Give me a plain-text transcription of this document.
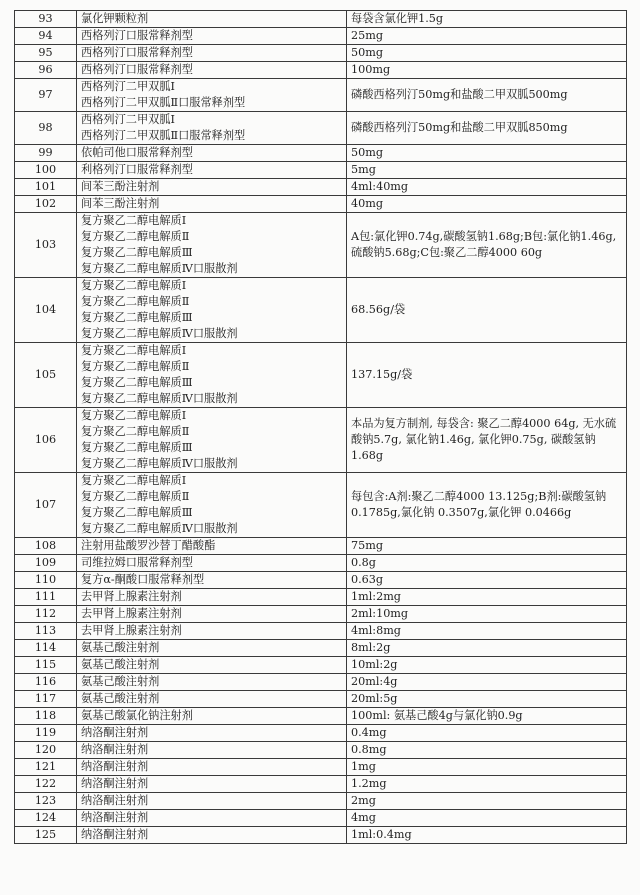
93	氯化钾颗粒剂	每袋含氯化钾1.5g

94	西格列汀口服常释剂型	25mg

95	西格列汀口服常释剂型	50mg

96	西格列汀口服常释剂型	100mg

97	西格列汀二甲双胍Ⅰ
西格列汀二甲双胍Ⅱ口服常释剂型	磷酸西格列汀50mg和盐酸二甲双胍500mg

98	西格列汀二甲双胍Ⅰ
西格列汀二甲双胍Ⅱ口服常释剂型	磷酸西格列汀50mg和盐酸二甲双胍850mg

99	依帕司他口服常释剂型	50mg

100	利格列汀口服常释剂型	5mg

101	间苯三酚注射剂	4ml:40mg

102	间苯三酚注射剂	40mg

103	复方聚乙二醇电解质Ⅰ
复方聚乙二醇电解质Ⅱ
复方聚乙二醇电解质Ⅲ
复方聚乙二醇电解质Ⅳ口服散剂	A包:氯化钾0.74g,碳酸氢钠1.68g;B包:氯化钠1.46g,硫酸钠5.68g;C包:聚乙二醇4000 60g

104	复方聚乙二醇电解质Ⅰ
复方聚乙二醇电解质Ⅱ
复方聚乙二醇电解质Ⅲ
复方聚乙二醇电解质Ⅳ口服散剂	68.56g/袋

105	复方聚乙二醇电解质Ⅰ
复方聚乙二醇电解质Ⅱ
复方聚乙二醇电解质Ⅲ
复方聚乙二醇电解质Ⅳ口服散剂	137.15g/袋

106	复方聚乙二醇电解质Ⅰ
复方聚乙二醇电解质Ⅱ
复方聚乙二醇电解质Ⅲ
复方聚乙二醇电解质Ⅳ口服散剂	本品为复方制剂, 每袋含: 聚乙二醇4000 64g, 无水硫酸钠5.7g, 氯化钠1.46g, 氯化钾0.75g, 碳酸氢钠1.68g

107	复方聚乙二醇电解质Ⅰ
复方聚乙二醇电解质Ⅱ
复方聚乙二醇电解质Ⅲ
复方聚乙二醇电解质Ⅳ口服散剂	每包含:A剂:聚乙二醇4000 13.125g;B剂:碳酸氢钠 0.1785g,氯化钠 0.3507g,氯化钾 0.0466g

108	注射用盐酸罗沙替丁醋酸酯	75mg

109	司维拉姆口服常释剂型	0.8g

110	复方α-酮酸口服常释剂型	0.63g

111	去甲肾上腺素注射剂	1ml:2mg

112	去甲肾上腺素注射剂	2ml:10mg

113	去甲肾上腺素注射剂	4ml:8mg

114	氨基己酸注射剂	8ml:2g

115	氨基己酸注射剂	10ml:2g

116	氨基己酸注射剂	20ml:4g

117	氨基己酸注射剂	20ml:5g

118	氨基己酸氯化钠注射剂	100ml: 氨基己酸4g与氯化钠0.9g

119	纳洛酮注射剂	0.4mg

120	纳洛酮注射剂	0.8mg

121	纳洛酮注射剂	1mg

122	纳洛酮注射剂	1.2mg

123	纳洛酮注射剂	2mg

124	纳洛酮注射剂	4mg

125	纳洛酮注射剂	1ml:0.4mg
